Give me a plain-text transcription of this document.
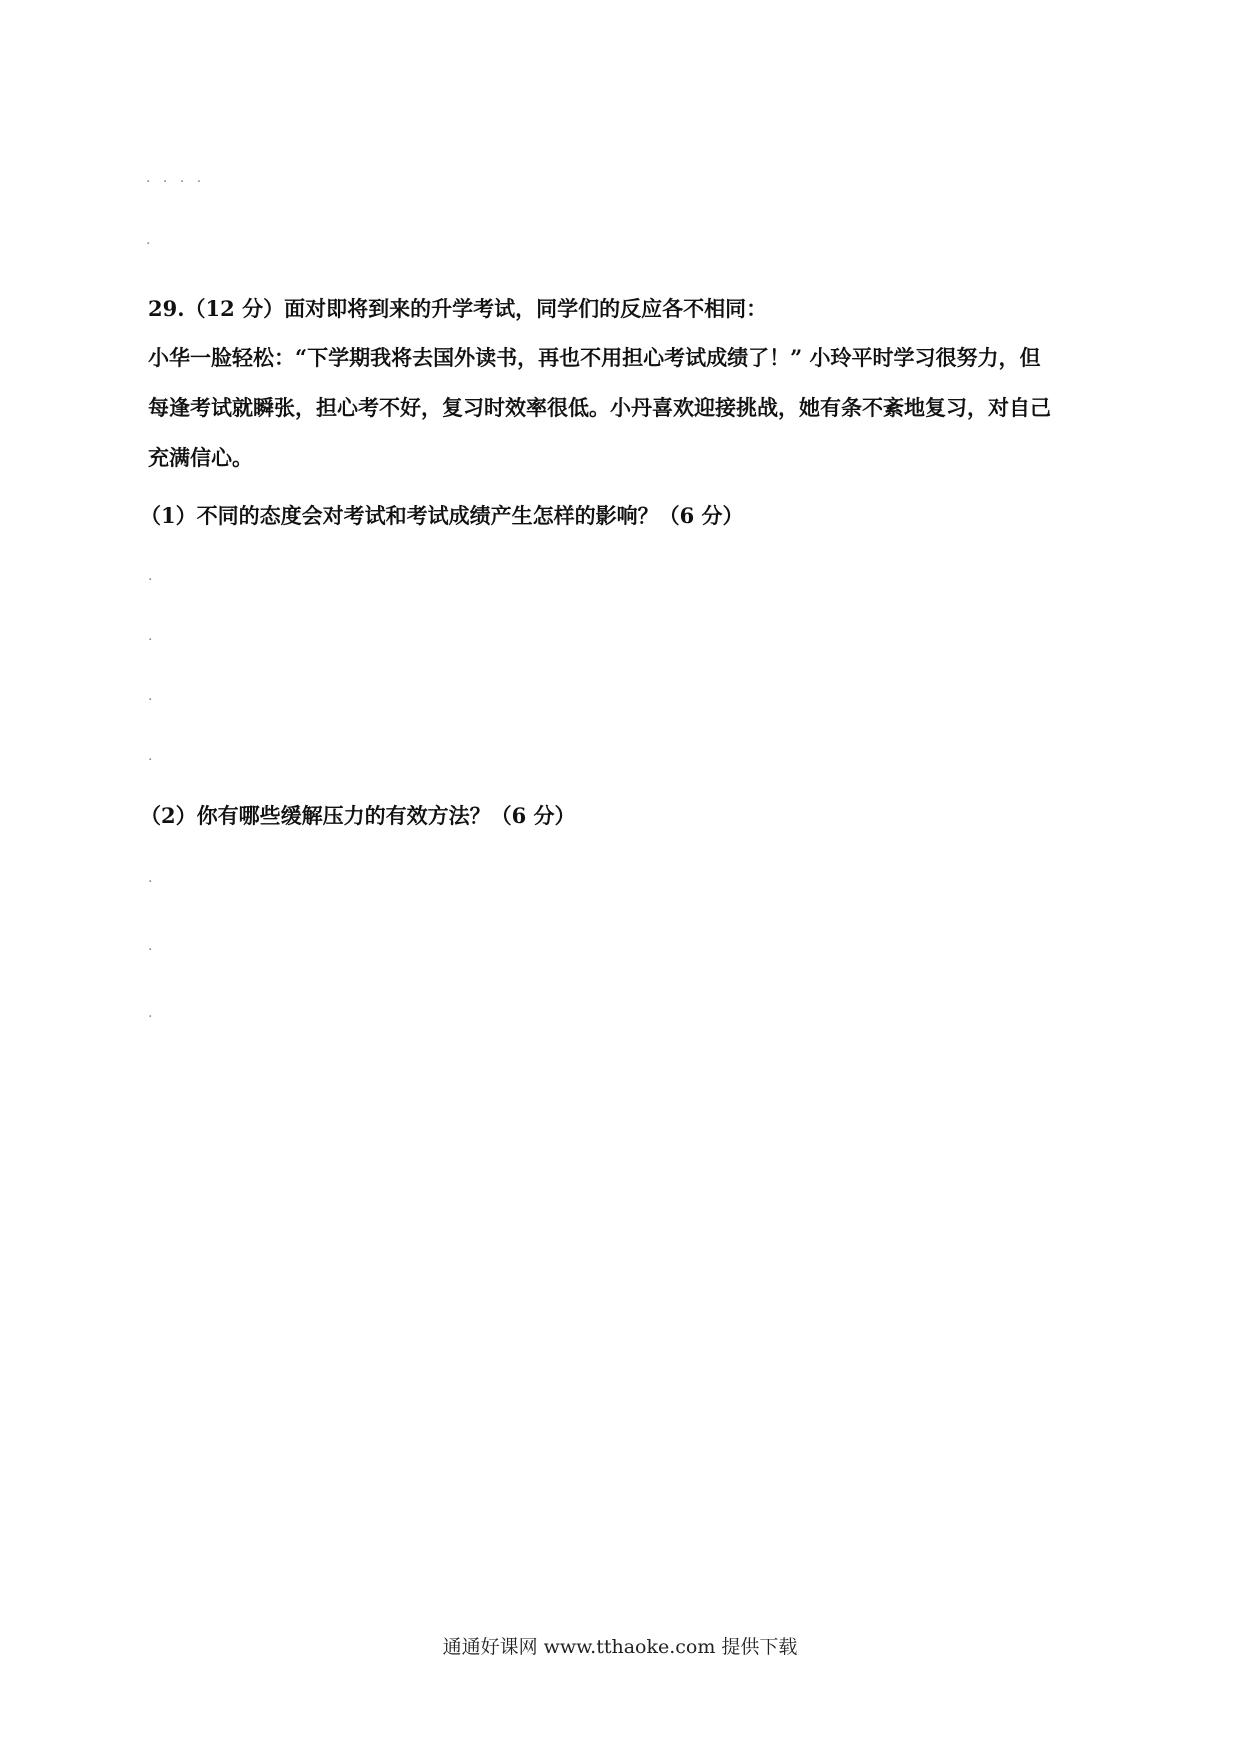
. . . .
.
29.（12 分）面对即将到来的升学考试，同学们的反应各不相同：
小华一脸轻松：“下学期我将去国外读书，再也不用担心考试成绩了！” 小玲平时学习很努力，但
每逢考试就瞬张，担心考不好，复习时效率很低。小丹喜欢迎接挑战，她有条不紊地复习，对自己
充满信心。
（1）不同的态度会对考试和考试成绩产生怎样的影响？（6 分）
.
.
.
.
（2）你有哪些缓解压力的有效方法？（6 分）
.
.
.
通通好课网 www.tthaoke.com 提供下载
